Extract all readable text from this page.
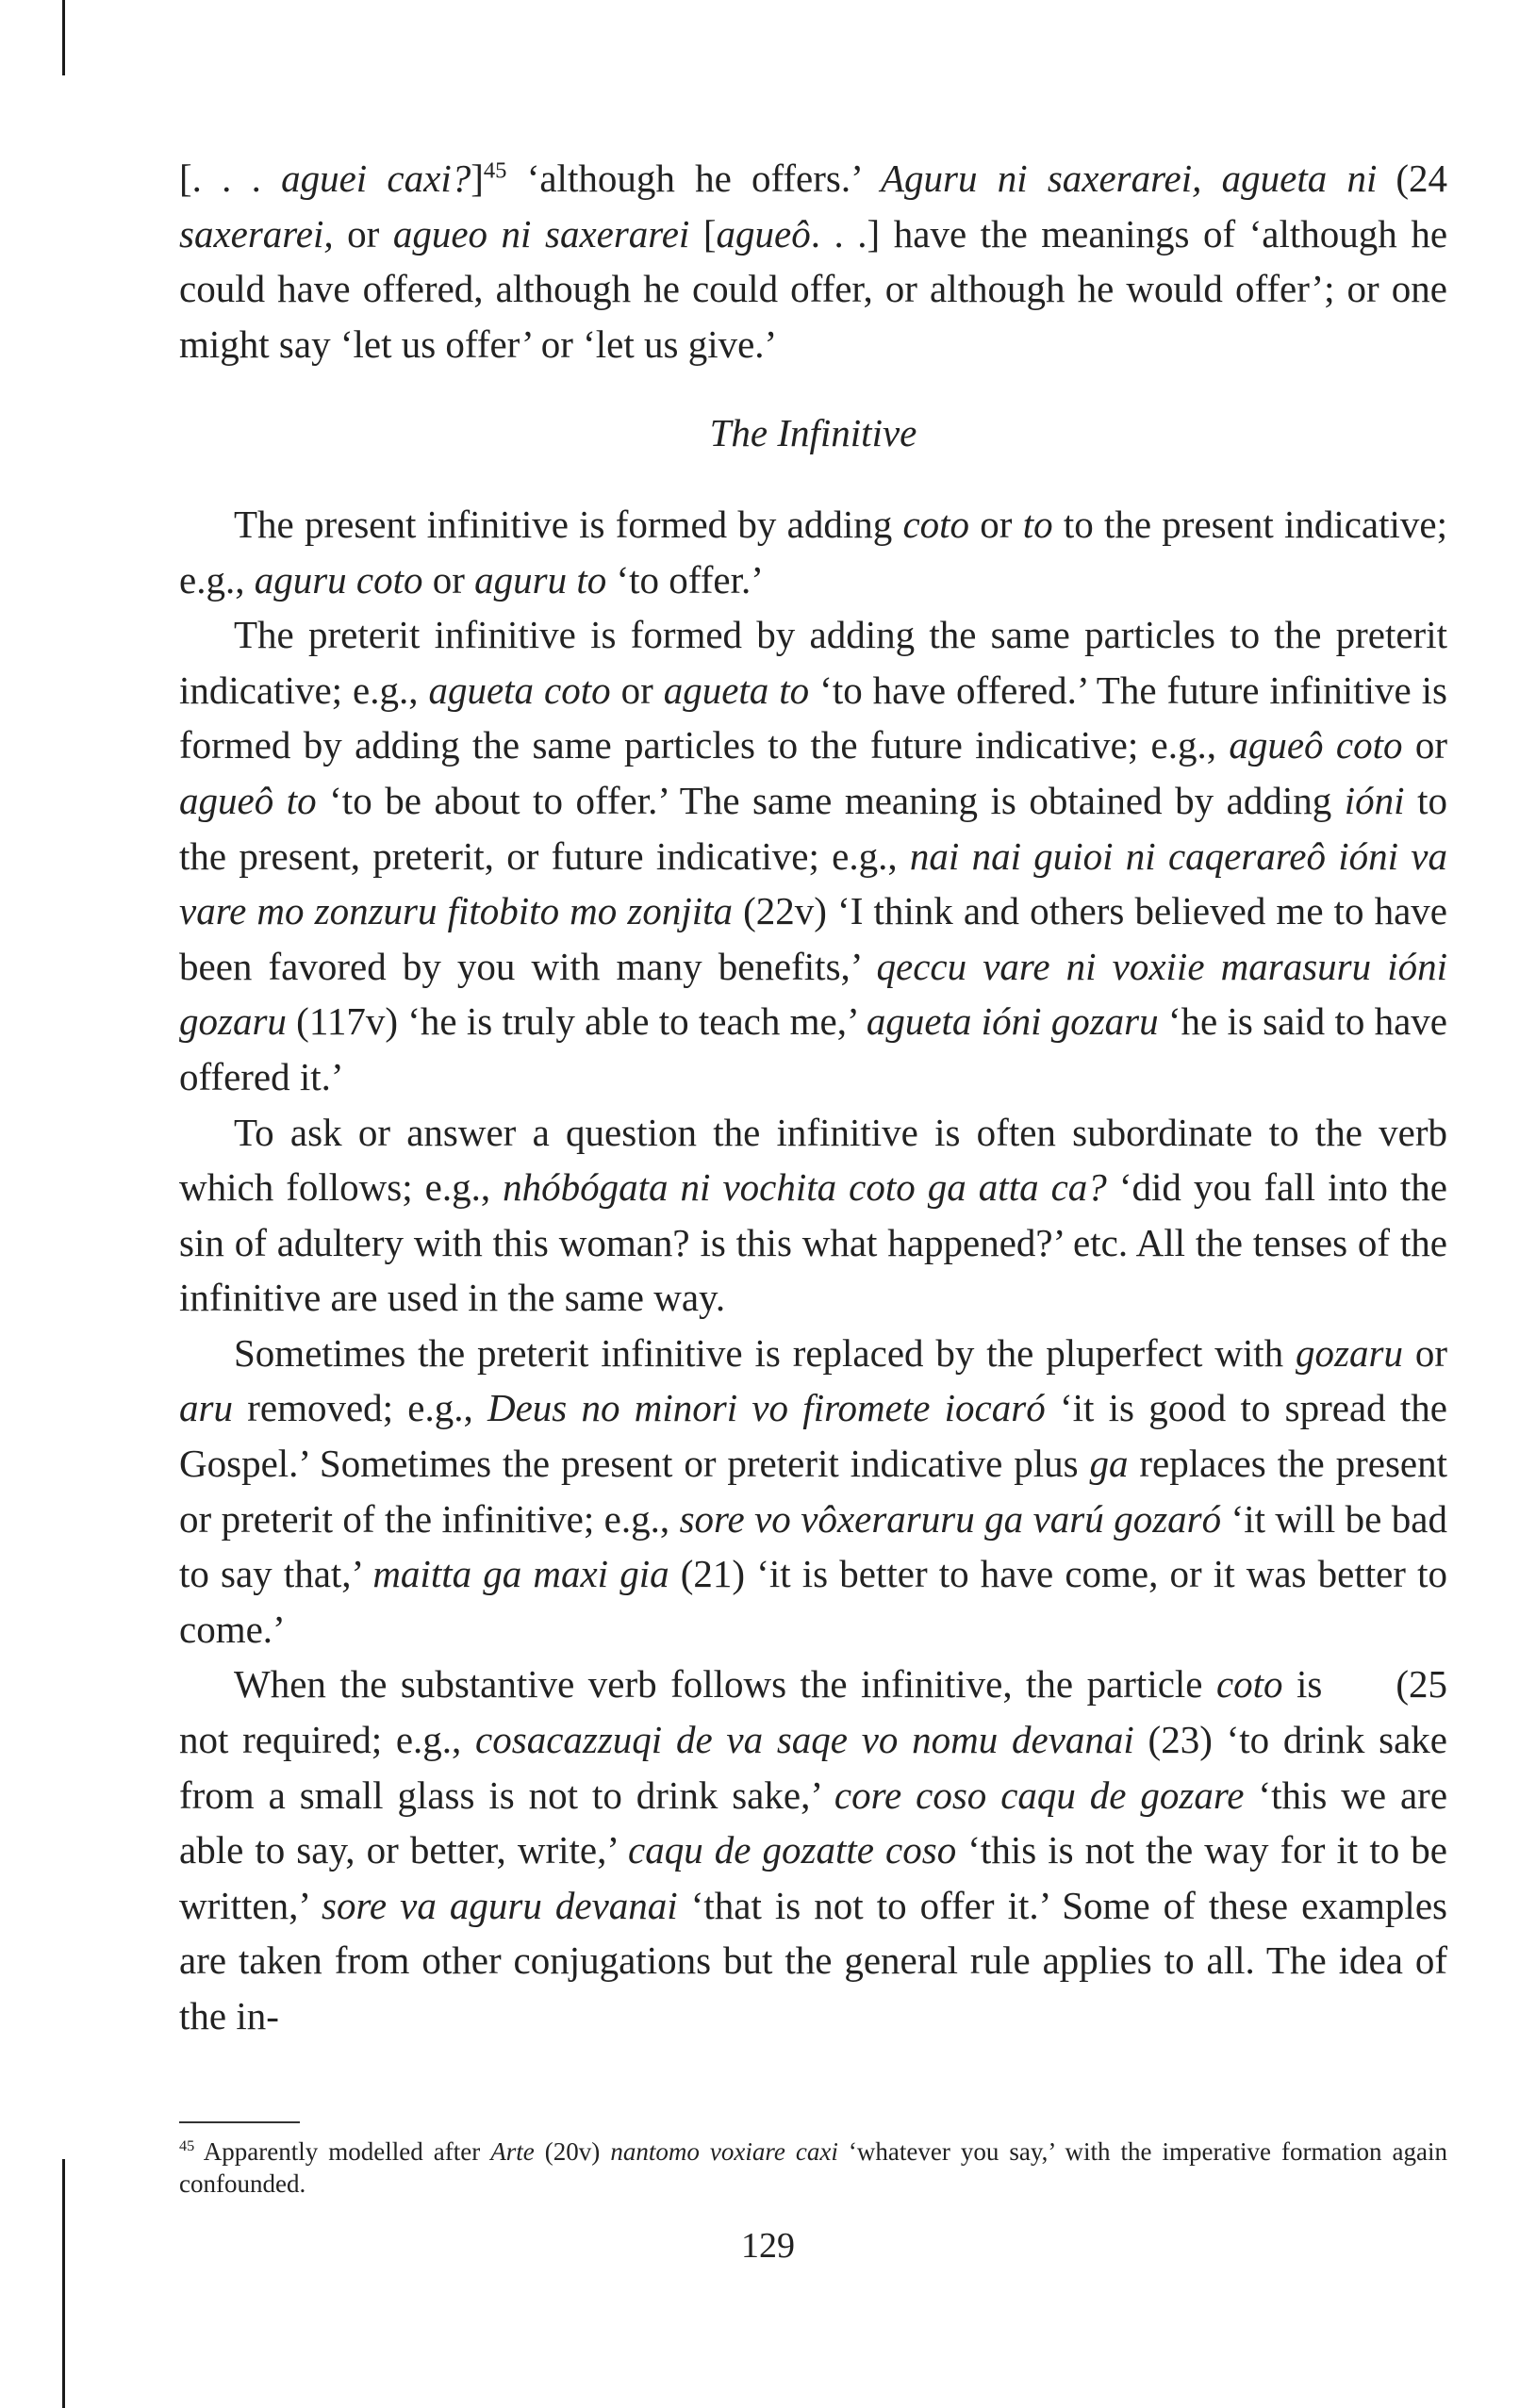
(24
[. . . aguei caxi?]$^{45}$ ‘although he offers.’ Aguru ni saxerarei, agueta ni saxerarei, or agueo ni saxerarei [agueô. . .] have the meanings of ‘although he could have offered, although he could offer, or although he would offer’; or one might say ‘let us offer’ or ‘let us give.’

The Infinitive

The present infinitive is formed by adding coto or to to the present indicative; e.g., aguru coto or aguru to ‘to offer.’

The preterit infinitive is formed by adding the same particles to the preterit indicative; e.g., agueta coto or agueta to ‘to have offered.’ The future infinitive is formed by adding the same particles to the future indicative; e.g., agueô coto or agueô to ‘to be about to offer.’ The same meaning is obtained by adding ióni to the present, preterit, or future indicative; e.g., nai nai guioi ni caqerareô ióni va vare mo zonzuru fitobito mo zonjita (22v) ‘I think and others believed me to have been favored by you with many benefits,’ qeccu vare ni voxiie marasuru ióni gozaru (117v) ‘he is truly able to teach me,’ agueta ióni gozaru ‘he is said to have offered it.’

To ask or answer a question the infinitive is often subordinate to the verb which follows; e.g., nhóbógata ni vochita coto ga atta ca? ‘did you fall into the sin of adultery with this woman? is this what happened?’ etc. All the tenses of the infinitive are used in the same way.

Sometimes the preterit infinitive is replaced by the pluperfect with gozaru or aru removed; e.g., Deus no minori vo firomete iocaró ‘it is good to spread the Gospel.’ Sometimes the present or preterit indicative plus ga replaces the present or preterit of the infinitive; e.g., sore vo vôxeraruru ga varú gozaró ‘it will be bad to say that,’ maitta ga maxi gia (21) ‘it is better to have come, or it was better to come.’

(25
When the substantive verb follows the infinitive, the particle coto is not required; e.g., cosacazzuqi de va saqe vo nomu devanai (23) ‘to drink sake from a small glass is not to drink sake,’ core coso caqu de gozare ‘this we are able to say, or better, write,’ caqu de gozatte coso ‘this is not the way for it to be written,’ sore va aguru devanai ‘that is not to offer it.’ Some of these examples are taken from other conjugations but the general rule applies to all. The idea of the in-

$^{45}$ Apparently modelled after Arte (20v) nantomo voxiare caxi ‘whatever you say,’ with the imperative formation again confounded.
129
